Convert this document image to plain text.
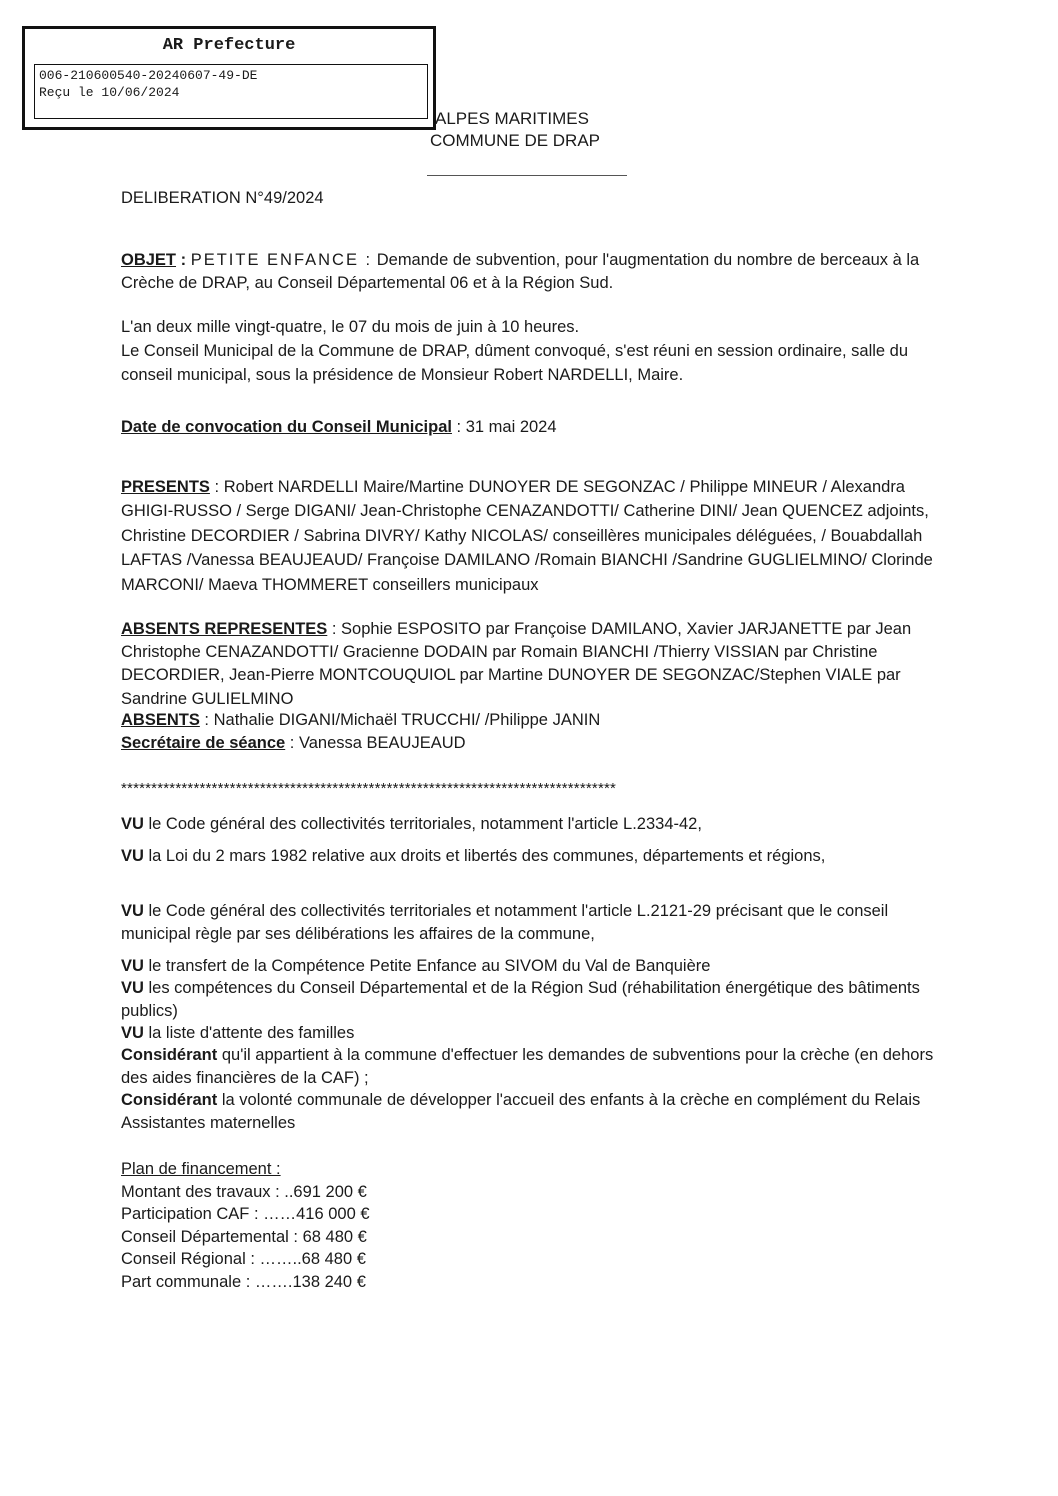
AR Prefecture
006-210600540-20240607-49-DE
Reçu le 10/06/2024
ALPES MARITIMES
COMMUNE DE DRAP
DELIBERATION N°49/2024
OBJET : PETITE ENFANCE : Demande de subvention, pour l'augmentation du nombre de berceaux à la Crèche de DRAP, au Conseil Départemental 06 et à la Région Sud.
L'an deux mille vingt-quatre, le 07 du mois de juin à 10 heures.
Le Conseil Municipal de la Commune de DRAP, dûment convoqué, s'est réuni en session ordinaire, salle du conseil municipal, sous la présidence de Monsieur Robert NARDELLI, Maire.
Date de convocation du Conseil Municipal : 31 mai 2024
PRESENTS : Robert NARDELLI Maire/Martine DUNOYER DE SEGONZAC / Philippe MINEUR / Alexandra GHIGI-RUSSO / Serge DIGANI/ Jean-Christophe CENAZANDOTTI/ Catherine DINI/ Jean QUENCEZ adjoints, Christine DECORDIER / Sabrina DIVRY/ Kathy NICOLAS/ conseillères municipales déléguées, / Bouabdallah LAFTAS /Vanessa BEAUJEAUD/ Françoise DAMILANO /Romain BIANCHI /Sandrine GUGLIELMINO/ Clorinde MARCONI/ Maeva THOMMERET conseillers municipaux
ABSENTS REPRESENTES : Sophie ESPOSITO par Françoise DAMILANO, Xavier JARJANETTE par Jean Christophe CENAZANDOTTI/ Gracienne DODAIN par Romain BIANCHI /Thierry VISSIAN par Christine DECORDIER, Jean-Pierre MONTCOUQUIOL par Martine DUNOYER DE SEGONZAC/Stephen VIALE par Sandrine GULIELMINO
ABSENTS : Nathalie DIGANI/Michaël TRUCCHI/ /Philippe JANIN
Secrétaire de séance : Vanessa BEAUJEAUD
**********************************************************************************
VU le Code général des collectivités territoriales, notamment l'article L.2334-42,
VU la Loi du 2 mars 1982 relative aux droits et libertés des communes, départements et régions,
VU le Code général des collectivités territoriales et notamment l'article L.2121-29 précisant que le conseil municipal règle par ses délibérations les affaires de la commune,
VU le transfert de la Compétence Petite Enfance au SIVOM du Val de Banquière
VU les compétences du Conseil Départemental et de la Région Sud (réhabilitation énergétique des bâtiments publics)
VU la liste d'attente des familles
Considérant qu'il appartient à la commune d'effectuer les demandes de subventions pour la crèche (en dehors des aides financières de la CAF) ;
Considérant la volonté communale de développer l'accueil des enfants à la crèche en complément du Relais Assistantes maternelles
Plan de financement :
Montant des travaux : ..691 200 €
Participation CAF : ……416 000 €
Conseil Départemental : 68 480 €
Conseil Régional : ……..68 480 €
Part communale : …….138 240 €
